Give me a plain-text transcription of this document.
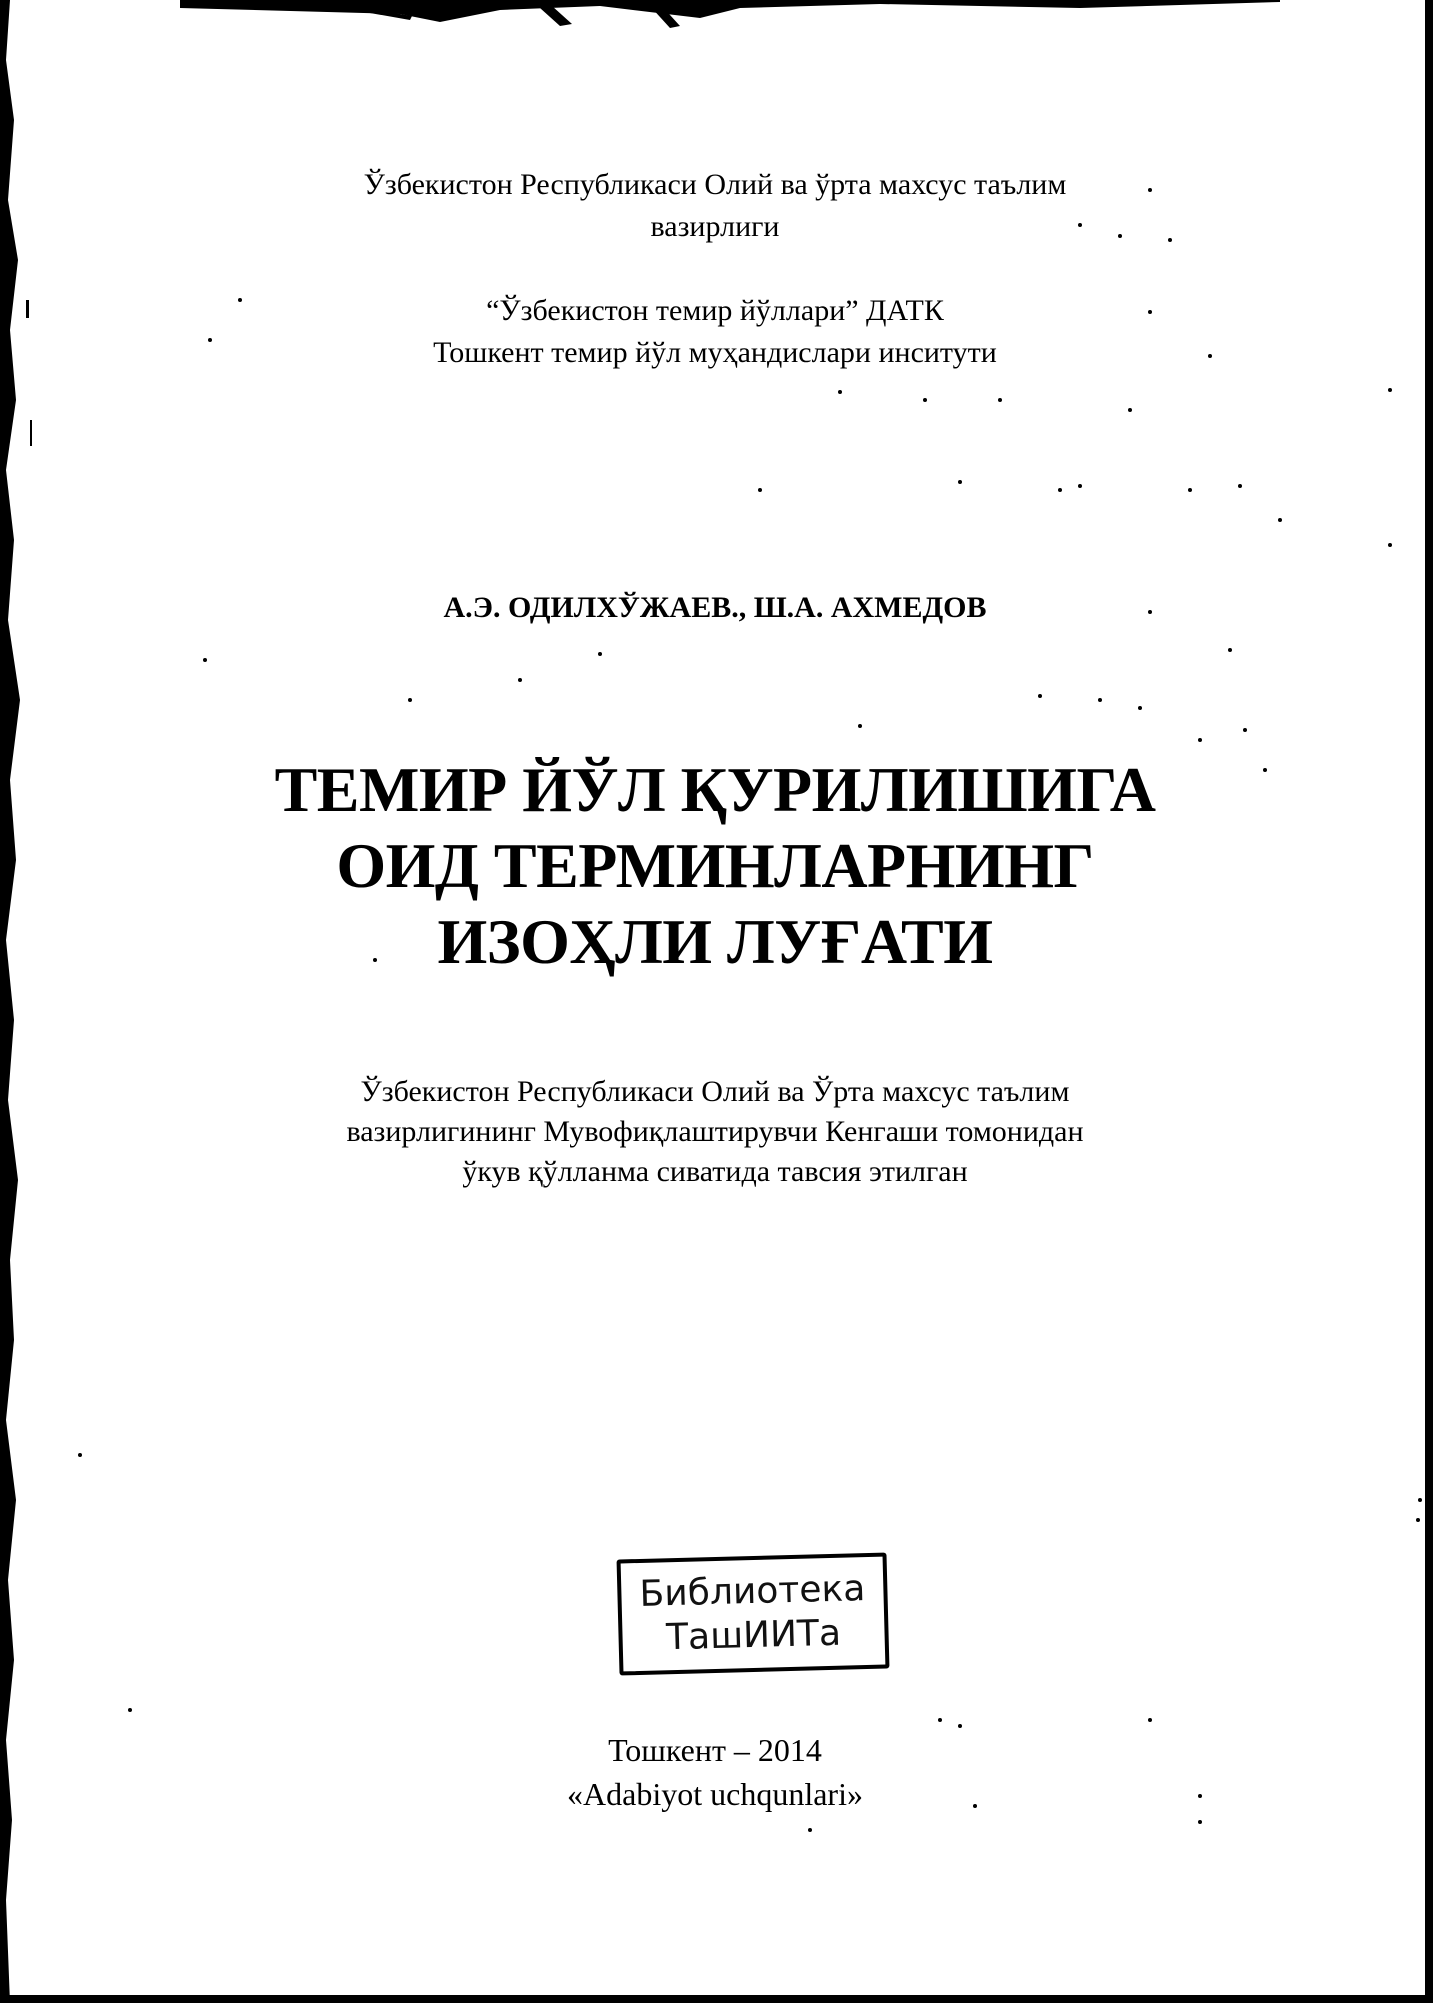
Ўзбекистон Республикаси Олий ва ўрта махсус таълим
вазирлиги
“Ўзбекистон темир йўллари” ДАТК
Тошкент темир йўл муҳандислари инситути
А.Э. ОДИЛХЎЖАЕВ., Ш.А. АХМЕДОВ
ТЕМИР ЙЎЛ ҚУРИЛИШИГА
ОИД ТЕРМИНЛАРНИНГ
ИЗОҲЛИ ЛУҒАТИ
Ўзбекистон Республикаси Олий ва Ўрта махсус таълим
вазирлигининг Мувофиқлаштирувчи Кенгаши томонидан
ўкув қўлланма сиватида тавсия этилган
Библиотека
ТашИИТа
Тошкент – 2014
«Adabiyot uchqunlari»
